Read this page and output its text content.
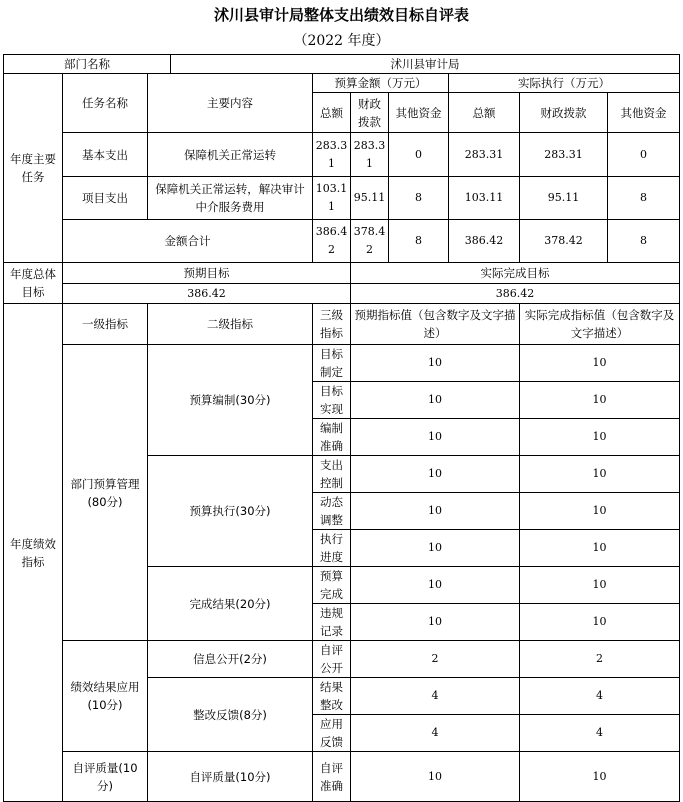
沭川县审计局整体支出绩效目标自评表
（2022 年度）
部门名称			沭川县审计局						
年度主要任务	任务名称	主要内容		预算金额（万元）			实际执行（万元）		
				总额	财政拨款	其他资金	总额	财政拨款	其他资金
	基本支出	保障机关正常运转		283.31	283.31	0	283.31	283.31	0
	项目支出	保障机关正常运转，解决审计中介服务费用		103.11	95.11	8	103.11	95.11	8
	金额合计			386.42	378.42	8	386.42	378.42	8

年度总体目标	预期目标				实际完成目标				
	386.42				386.42				
年度绩效指标	一级指标	二级指标		三级指标	预期指标值（包含数字及文字描述）			实际完成指标值（包含数字及文字描述）	
	部门预算管理(80分)	预算编制(30分)		目标制定	10			10	
				目标实现	10			10	
				编制准确	10			10	
		预算执行(30分)		支出控制	10			10	
				动态调整	10			10	
				执行进度	10			10	
		完成结果(20分)		预算完成	10			10	
				违规记录	10			10	
	绩效结果应用(10分)	信息公开(2分)		自评公开	2			2	
		整改反馈(8分)		结果整改	4			4	
				应用反馈	4			4	
	自评质量(10分)	自评质量(10分)		自评准确	10			10	
